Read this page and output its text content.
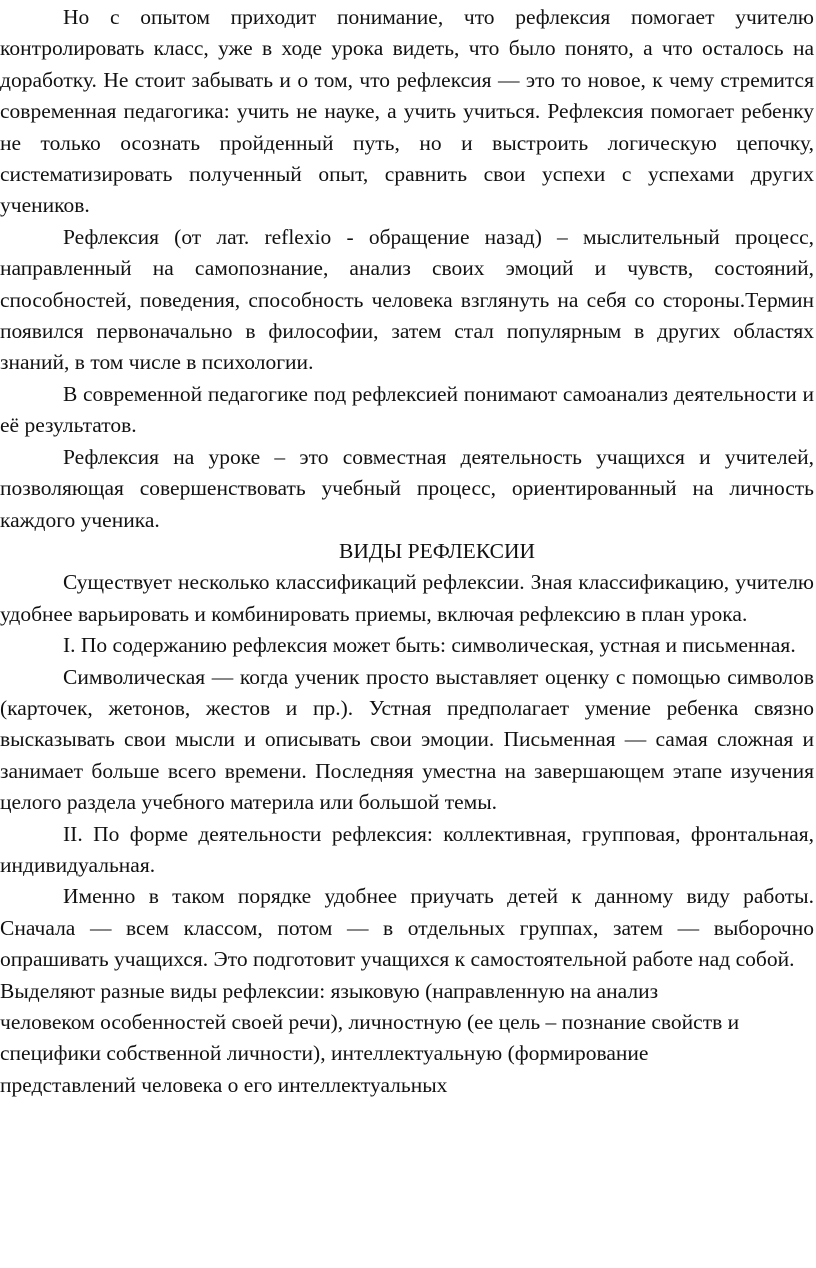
Но с опытом приходит понимание, что рефлексия помогает учителю контролировать класс, уже в ходе урока видеть, что было понято, а что осталось на доработку. Не стоит забывать и о том, что рефлексия — это то новое, к чему стремится современная педагогика: учить не науке, а учить учиться. Рефлексия помогает ребенку не только осознать пройденный путь, но и выстроить логическую цепочку, систематизировать полученный опыт, сравнить свои успехи с успехами других учеников.

Рефлексия (от лат. reflexio - обращение назад) – мыслительный процесс, направленный на самопознание, анализ своих эмоций и чувств, состояний, способностей, поведения, способность человека взглянуть на себя со стороны.Термин появился первоначально в философии, затем стал популярным в других областях знаний, в том числе в психологии.

В современной педагогике под рефлексией понимают самоанализ деятельности и её результатов.

Рефлексия на уроке – это совместная деятельность учащихся и учителей, позволяющая совершенствовать учебный процесс, ориентированный на личность каждого ученика.

ВИДЫ РЕФЛЕКСИИ

Существует несколько классификаций рефлексии. Зная классификацию, учителю удобнее варьировать и комбинировать приемы, включая рефлексию в план урока.

I. По содержанию рефлексия может быть: символическая, устная и письменная.

Символическая — когда ученик просто выставляет оценку с помощью символов (карточек, жетонов, жестов и пр.). Устная предполагает умение ребенка связно высказывать свои мысли и описывать свои эмоции. Письменная — самая сложная и занимает больше всего времени. Последняя уместна на завершающем этапе изучения целого раздела учебного материла или большой темы.

II. По форме деятельности рефлексия: коллективная, групповая, фронтальная, индивидуальная.

Именно в таком порядке удобнее приучать детей к данному виду работы. Сначала — всем классом, потом — в отдельных группах, затем — выборочно опрашивать учащихся. Это подготовит учащихся к самостоятельной работе над собой.

Выделяют разные виды рефлексии: языковую (направленную на анализ человеком особенностей своей речи), личностную (ее цель – познание свойств и специфики собственной личности), интеллектуальную (формирование представлений человека о его интеллектуальных
